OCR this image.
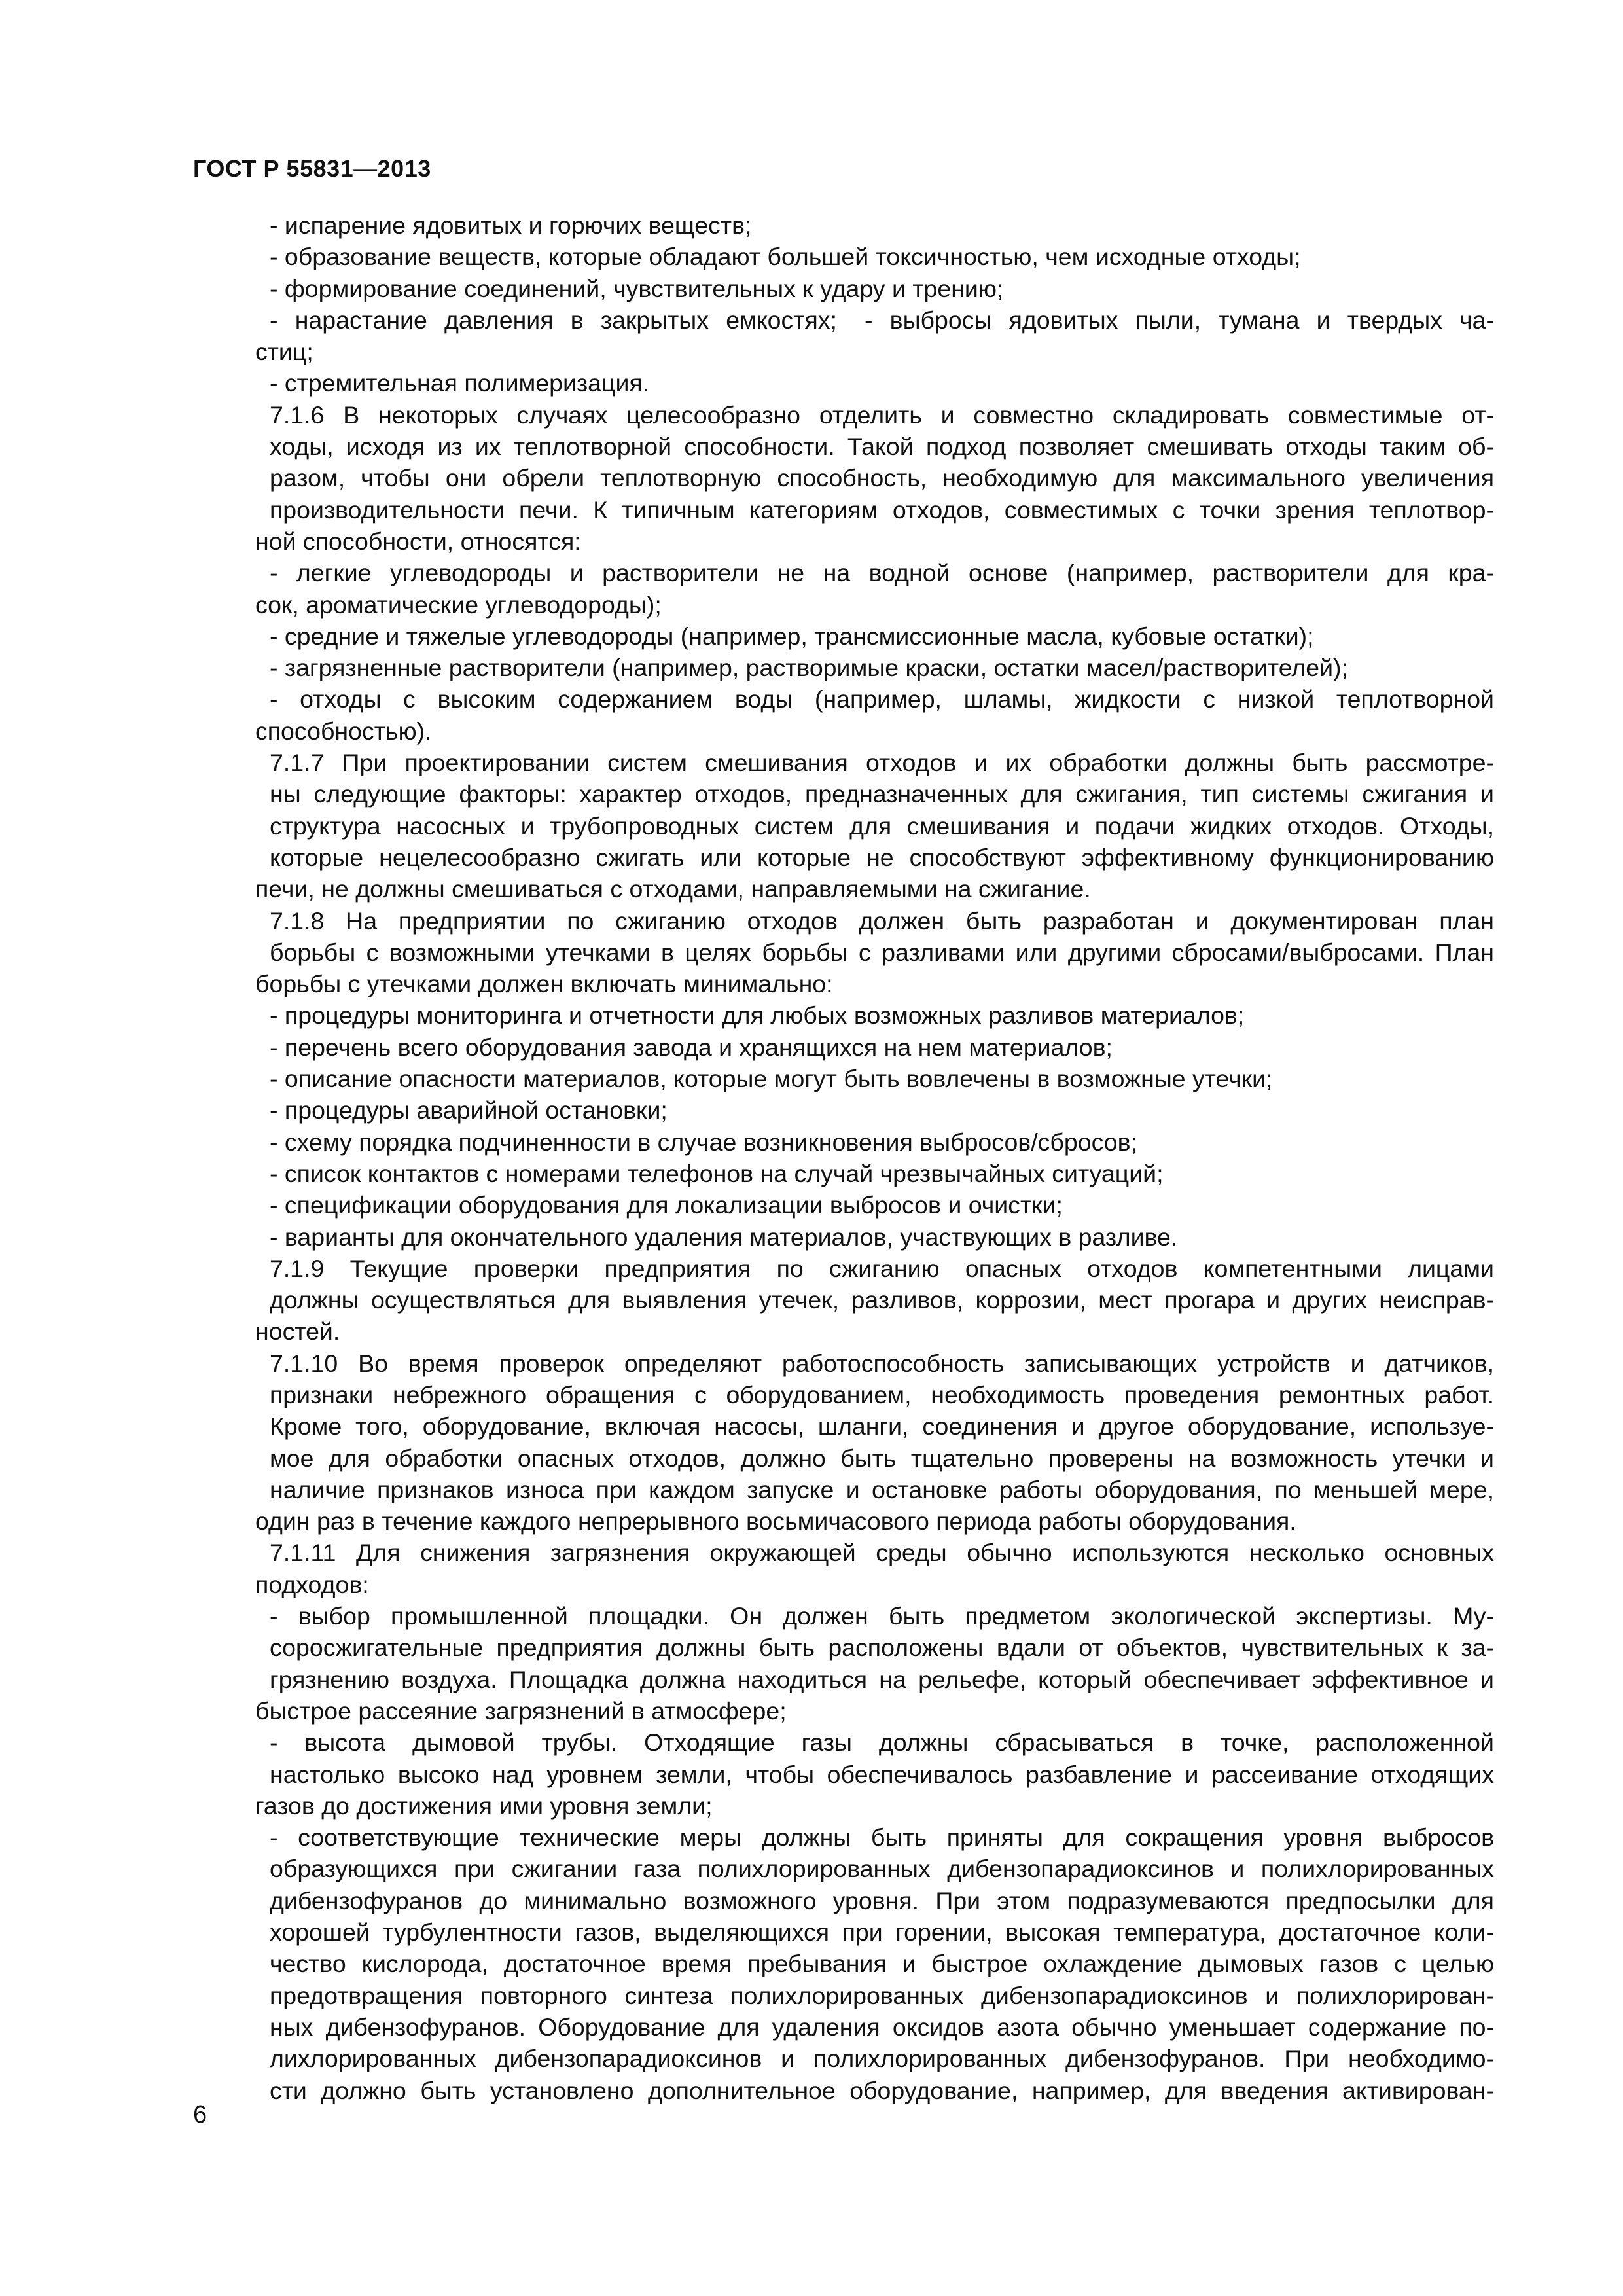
ГОСТ Р 55831—2013

- испарение ядовитых и горючих веществ;

- образование веществ, которые обладают большей токсичностью, чем исходные отходы;

- формирование соединений, чувствительных к удару и трению;

- нарастание давления в закрытых емкостях; - выбросы ядовитых пыли, тумана и твердых ча-

стиц;

- стремительная полимеризация.

7.1.6 В некоторых случаях целесообразно отделить и совместно складировать совместимые от-

ходы, исходя из их теплотворной способности. Такой подход позволяет смешивать отходы таким об-

разом, чтобы они обрели теплотворную способность, необходимую для максимального увеличения

производительности печи. К типичным категориям отходов, совместимых с точки зрения теплотвор-

ной способности, относятся:

- легкие углеводороды и растворители не на водной основе (например, растворители для кра-

сок, ароматические углеводороды);

- средние и тяжелые углеводороды (например, трансмиссионные масла, кубовые остатки);

- загрязненные растворители (например, растворимые краски, остатки масел/растворителей);

- отходы с высоким содержанием воды (например, шламы, жидкости с низкой теплотворной

способностью).

7.1.7 При проектировании систем смешивания отходов и их обработки должны быть рассмотре-

ны следующие факторы: характер отходов, предназначенных для сжигания, тип системы сжигания и

структура насосных и трубопроводных систем для смешивания и подачи жидких отходов. Отходы,

которые нецелесообразно сжигать или которые не способствуют эффективному функционированию

печи, не должны смешиваться с отходами, направляемыми на сжигание.

7.1.8 На предприятии по сжиганию отходов должен быть разработан и документирован план

борьбы с возможными утечками в целях борьбы с разливами или другими сбросами/выбросами. План

борьбы с утечками должен включать минимально:

- процедуры мониторинга и отчетности для любых возможных разливов материалов;

- перечень всего оборудования завода и хранящихся на нем материалов;

- описание опасности материалов, которые могут быть вовлечены в возможные утечки;

- процедуры аварийной остановки;

- схему порядка подчиненности в случае возникновения выбросов/сбросов;

- список контактов с номерами телефонов на случай чрезвычайных ситуаций;

- спецификации оборудования для локализации выбросов и очистки;

- варианты для окончательного удаления материалов, участвующих в разливе.

7.1.9 Текущие проверки предприятия по сжиганию опасных отходов компетентными лицами

должны осуществляться для выявления утечек, разливов, коррозии, мест прогара и других неисправ-

ностей.

7.1.10 Во время проверок определяют работоспособность записывающих устройств и датчиков,

признаки небрежного обращения с оборудованием, необходимость проведения ремонтных работ.

Кроме того, оборудование, включая насосы, шланги, соединения и другое оборудование, используе-

мое для обработки опасных отходов, должно быть тщательно проверены на возможность утечки и

наличие признаков износа при каждом запуске и остановке работы оборудования, по меньшей мере,

один раз в течение каждого непрерывного восьмичасового периода работы оборудования.

7.1.11 Для снижения загрязнения окружающей среды обычно используются несколько основных

подходов:

- выбор промышленной площадки. Он должен быть предметом экологической экспертизы. Му-

соросжигательные предприятия должны быть расположены вдали от объектов, чувствительных к за-

грязнению воздуха. Площадка должна находиться на рельефе, который обеспечивает эффективное и

быстрое рассеяние загрязнений в атмосфере;

- высота дымовой трубы. Отходящие газы должны сбрасываться в точке, расположенной

настолько высоко над уровнем земли, чтобы обеспечивалось разбавление и рассеивание отходящих

газов до достижения ими уровня земли;

- соответствующие технические меры должны быть приняты для сокращения уровня выбросов

образующихся при сжигании газа полихлорированных дибензопарадиоксинов и полихлорированных

дибензофуранов до минимально возможного уровня. При этом подразумеваются предпосылки для

хорошей турбулентности газов, выделяющихся при горении, высокая температура, достаточное коли-

чество кислорода, достаточное время пребывания и быстрое охлаждение дымовых газов с целью

предотвращения повторного синтеза полихлорированных дибензопарадиоксинов и полихлорирован-

ных дибензофуранов. Оборудование для удаления оксидов азота обычно уменьшает содержание по-

лихлорированных дибензопарадиоксинов и полихлорированных дибензофуранов. При необходимо-

сти должно быть установлено дополнительное оборудование, например, для введения активирован-

6
